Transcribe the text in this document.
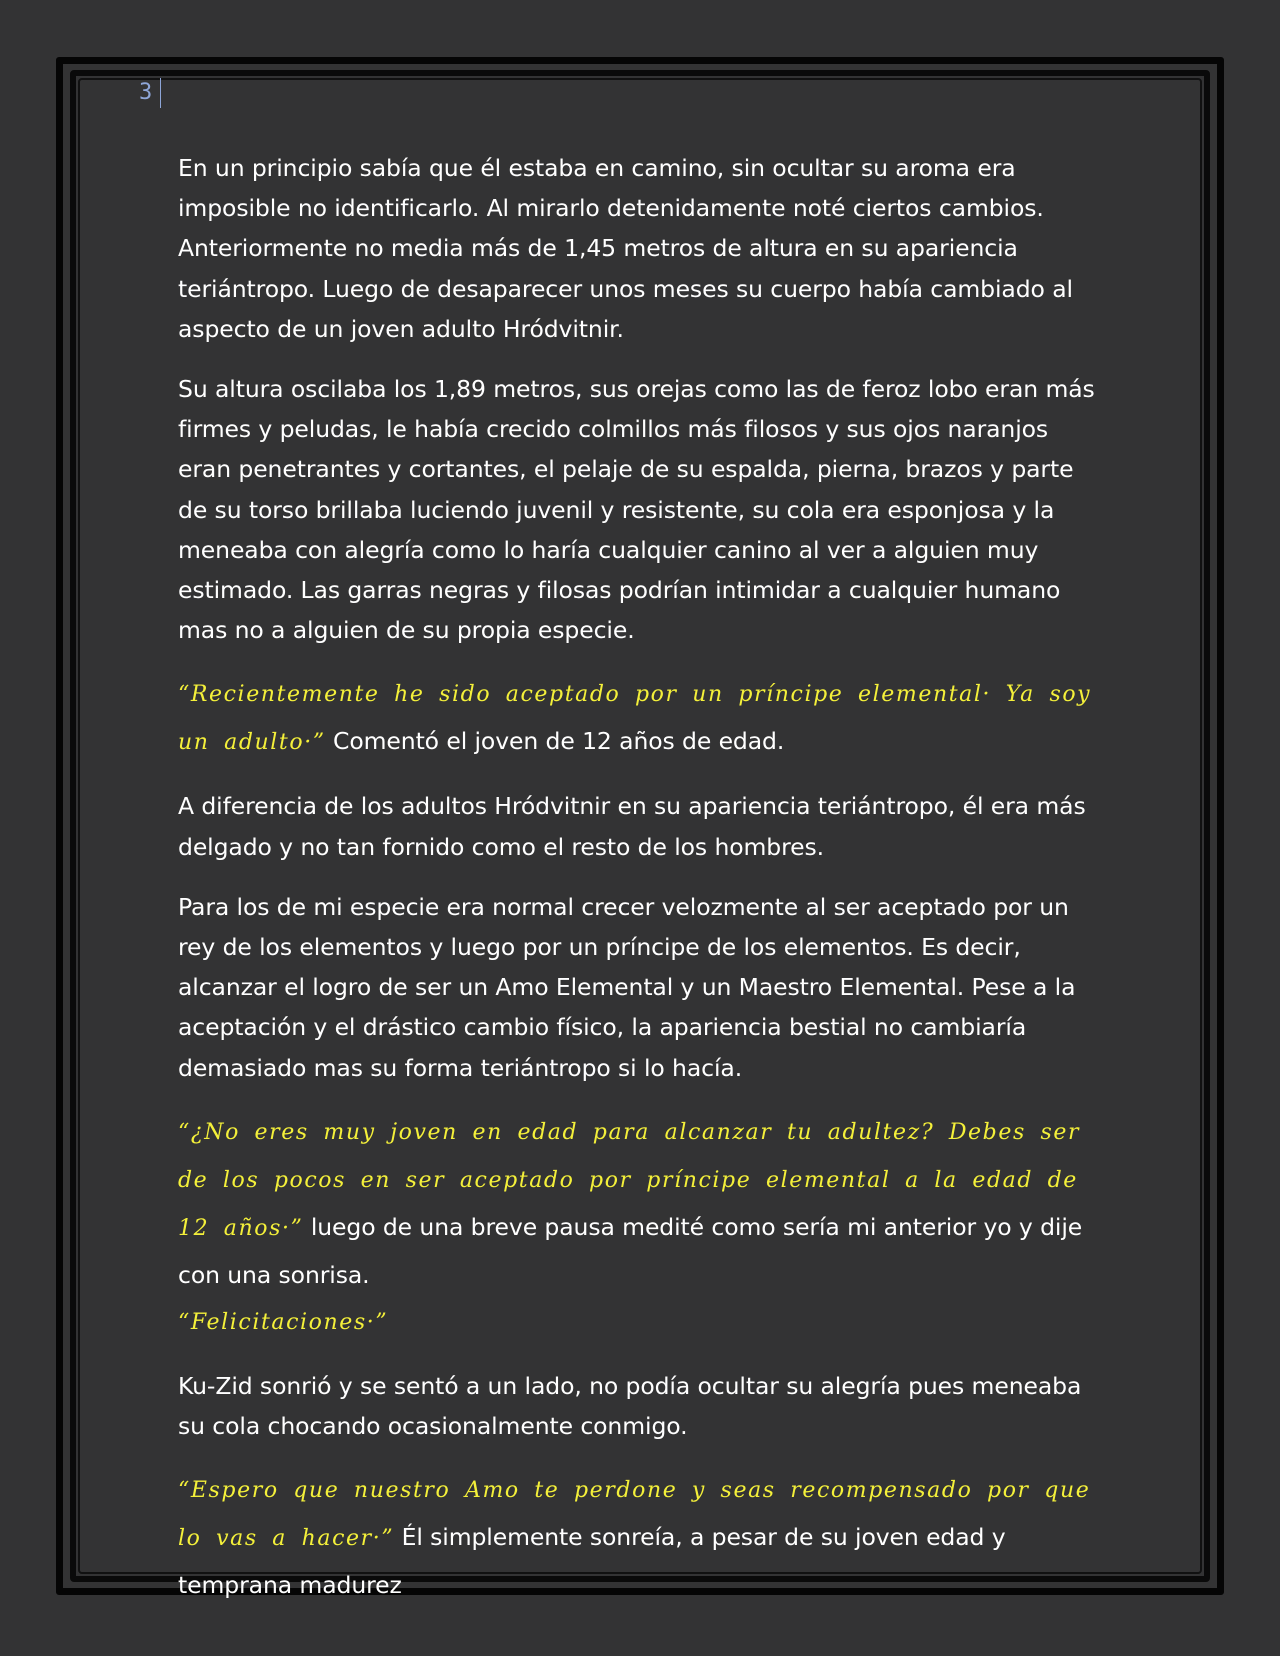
3

En un principio sabía que él estaba en camino, sin ocultar su aroma era imposible no identificarlo. Al mirarlo detenidamente noté ciertos cambios. Anteriormente no media más de 1,45 metros de altura en su apariencia teriántropo. Luego de desaparecer unos meses su cuerpo había cambiado al aspecto de un joven adulto Hródvitnir.

Su altura oscilaba los 1,89 metros, sus orejas como las de feroz lobo eran más firmes y peludas, le había crecido colmillos más filosos y sus ojos naranjos eran penetrantes y cortantes, el pelaje de su espalda, pierna, brazos y parte de su torso brillaba luciendo juvenil y resistente, su cola era esponjosa y la meneaba con alegría como lo haría cualquier canino al ver a alguien muy estimado. Las garras negras y filosas podrían intimidar a cualquier humano mas no a alguien de su propia especie.

“Recientemente he sido aceptado por un príncipe elemental· Ya soy un adulto·” Comentó el joven de 12 años de edad.

A diferencia de los adultos Hródvitnir en su apariencia teriántropo, él era más delgado y no tan fornido como el resto de los hombres.

Para los de mi especie era normal crecer velozmente al ser aceptado por un rey de los elementos y luego por un príncipe de los elementos. Es decir, alcanzar el logro de ser un Amo Elemental y un Maestro Elemental. Pese a la aceptación y el drástico cambio físico, la apariencia bestial no cambiaría demasiado mas su forma teriántropo si lo hacía.

“¿No eres muy joven en edad para alcanzar tu adultez? Debes ser de los pocos en ser aceptado por príncipe elemental a la edad de 12 años·” luego de una breve pausa medité como sería mi anterior yo y dije con una sonrisa.
“Felicitaciones·”

Ku-Zid sonrió y se sentó a un lado, no podía ocultar su alegría pues meneaba su cola chocando ocasionalmente conmigo.

“Espero que nuestro Amo te perdone y seas recompensado por que lo vas a hacer·” Él simplemente sonreía, a pesar de su joven edad y temprana madurez
